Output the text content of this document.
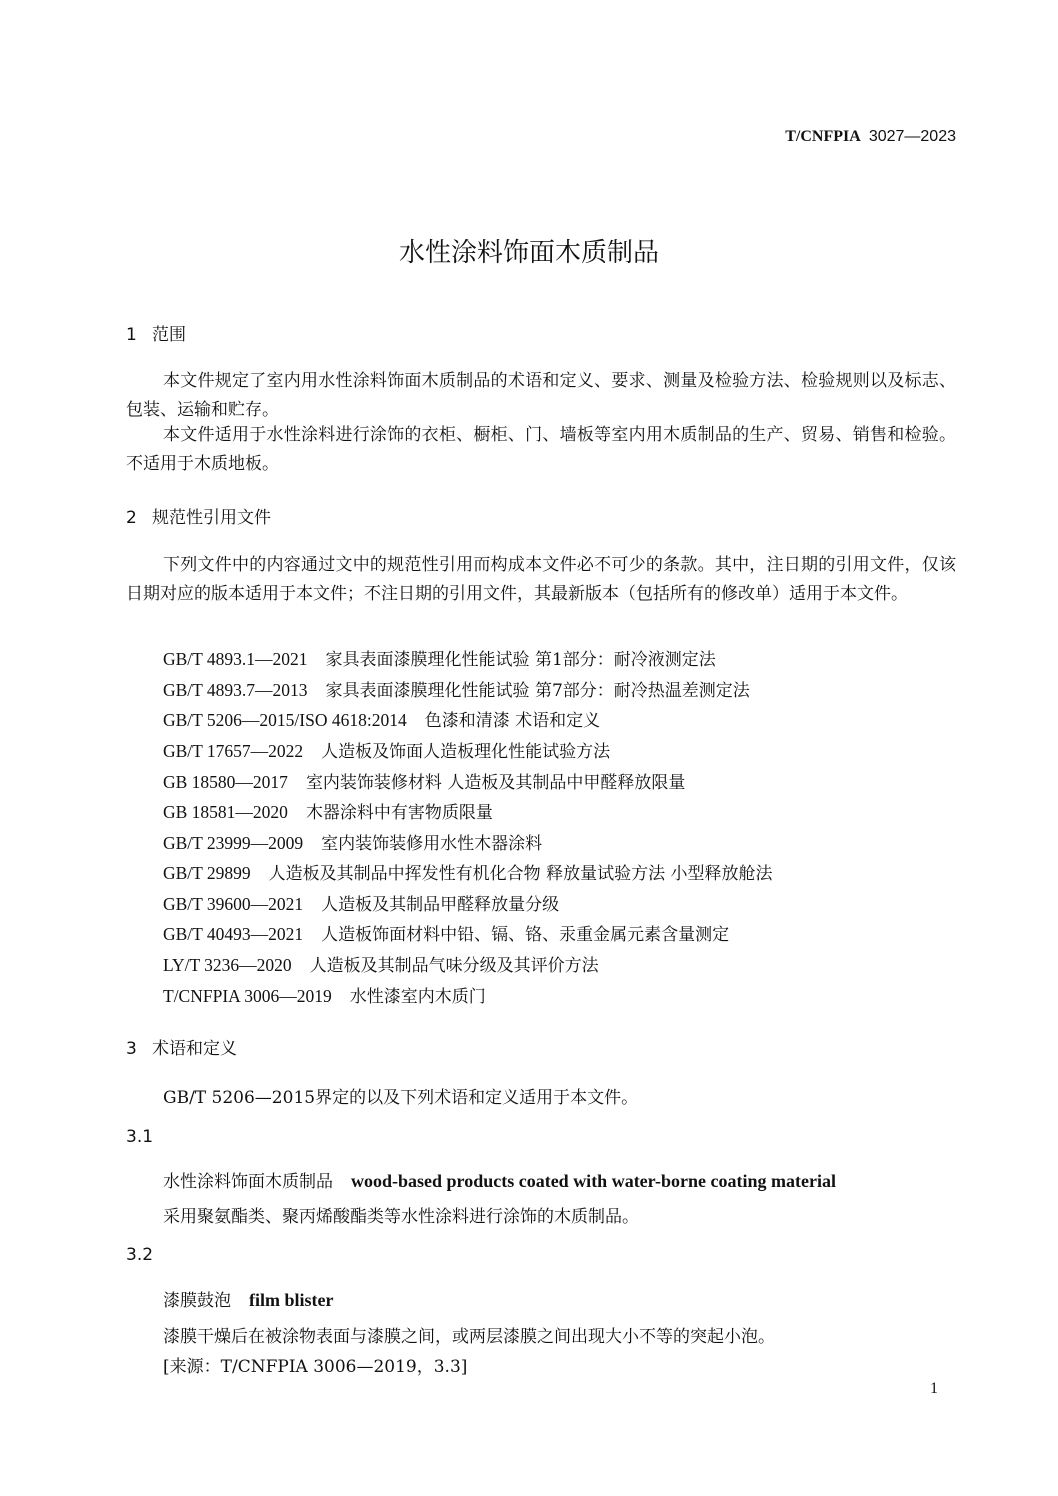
T/CNFPIA 3027—2023
水性涂料饰面木质制品
1 范围

本文件规定了室内用水性涂料饰面木质制品的术语和定义、要求、测量及检验方法、检验规则以及标志、包装、运输和贮存。

本文件适用于水性涂料进行涂饰的衣柜、橱柜、门、墙板等室内用木质制品的生产、贸易、销售和检验。不适用于木质地板。

2 规范性引用文件

下列文件中的内容通过文中的规范性引用而构成本文件必不可少的条款。其中，注日期的引用文件，仅该日期对应的版本适用于本文件；不注日期的引用文件，其最新版本（包括所有的修改单）适用于本文件。

GB/T 4893.1—2021 家具表面漆膜理化性能试验 第1部分：耐冷液测定法
GB/T 4893.7—2013 家具表面漆膜理化性能试验 第7部分：耐冷热温差测定法
GB/T 5206—2015/ISO 4618:2014 色漆和清漆 术语和定义
GB/T 17657—2022 人造板及饰面人造板理化性能试验方法
GB 18580—2017 室内装饰装修材料 人造板及其制品中甲醛释放限量
GB 18581—2020 木器涂料中有害物质限量
GB/T 23999—2009 室内装饰装修用水性木器涂料
GB/T 29899 人造板及其制品中挥发性有机化合物 释放量试验方法 小型释放舱法
GB/T 39600—2021 人造板及其制品甲醛释放量分级
GB/T 40493—2021 人造板饰面材料中铅、镉、铬、汞重金属元素含量测定
LY/T 3236—2020 人造板及其制品气味分级及其评价方法
T/CNFPIA 3006—2019 水性漆室内木质门
3 术语和定义
GB/T 5206—2015界定的以及下列术语和定义适用于本文件。
3.1
水性涂料饰面木质制品 wood-based products coated with water-borne coating material
采用聚氨酯类、聚丙烯酸酯类等水性涂料进行涂饰的木质制品。
3.2
漆膜鼓泡 film blister
漆膜干燥后在被涂物表面与漆膜之间，或两层漆膜之间出现大小不等的突起小泡。
[来源：T/CNFPIA 3006—2019，3.3]
1
